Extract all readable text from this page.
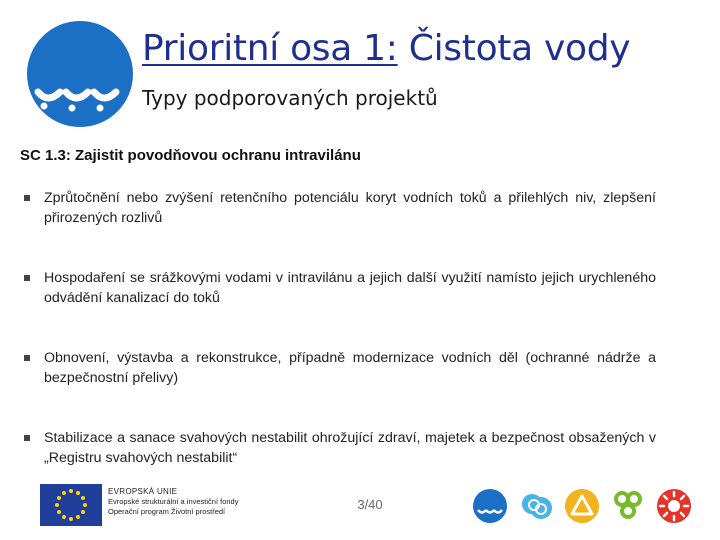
Prioritní osa 1: Čistota vody
Typy podporovaných projektů
SC 1.3: Zajistit povodňovou ochranu intravilánu
Zprůtočnění nebo zvýšení retenčního potenciálu koryt vodních toků a přilehlých niv, zlepšení přirozených rozlivů
Hospodaření se srážkovými vodami v intravilánu a jejich další využití namísto jejich urychleného odvádění kanalizací do toků
Obnovení, výstavba a rekonstrukce, případně modernizace vodních děl (ochranné nádrže a bezpečnostní přelivy)
Stabilizace a sanace svahových nestabilit ohrožující zdraví, majetek a bezpečnost obsažených v „Registru svahových nestabilit“
EVROPSKÁ UNIE
Evropské strukturální a investiční fondy
Operační program Životní prostředí	3/40
